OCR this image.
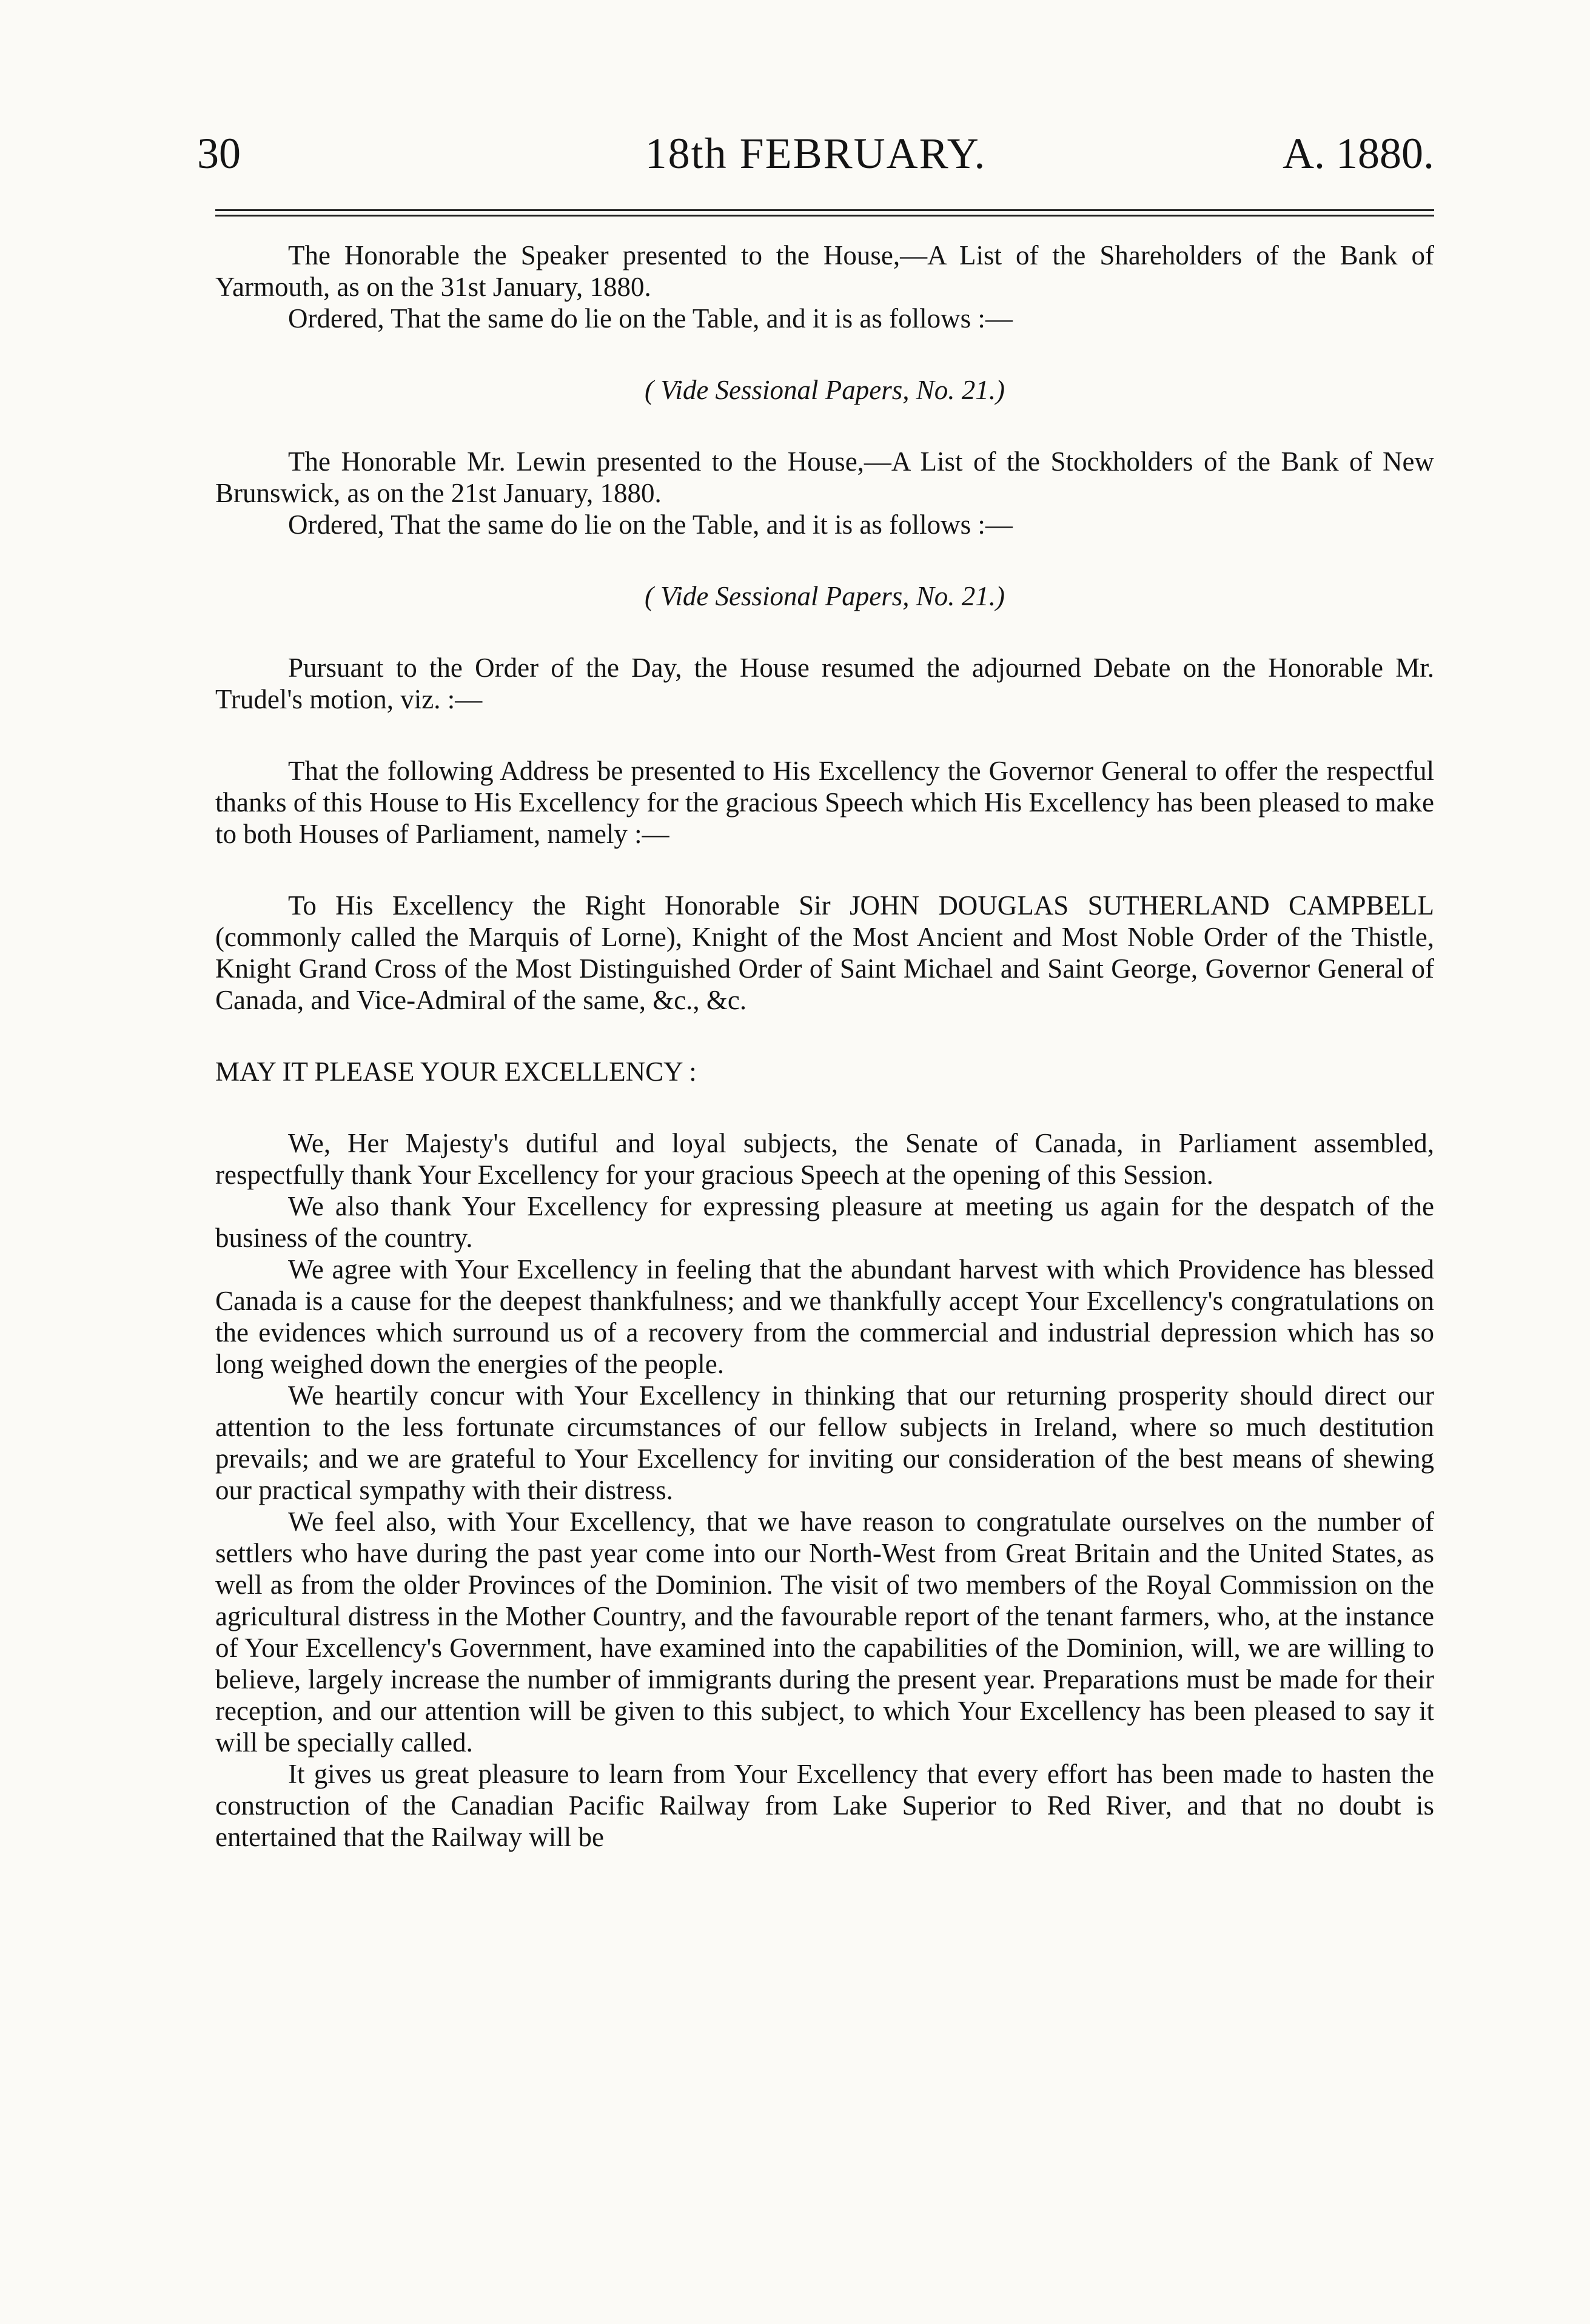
30	18th FEBRUARY.	A. 1880.

The Honorable the Speaker presented to the House,—A List of the Shareholders of the Bank of Yarmouth, as on the 31st January, 1880.

Ordered, That the same do lie on the Table, and it is as follows :—

( Vide Sessional Papers, No. 21.)

The Honorable Mr. Lewin presented to the House,—A List of the Stockholders of the Bank of New Brunswick, as on the 21st January, 1880.

Ordered, That the same do lie on the Table, and it is as follows :—

( Vide Sessional Papers, No. 21.)

Pursuant to the Order of the Day, the House resumed the adjourned Debate on the Honorable Mr. Trudel's motion, viz. :—

That the following Address be presented to His Excellency the Governor General to offer the respectful thanks of this House to His Excellency for the gracious Speech which His Excellency has been pleased to make to both Houses of Parliament, namely :—

To His Excellency the Right Honorable Sir JOHN DOUGLAS SUTHERLAND CAMPBELL (commonly called the Marquis of Lorne), Knight of the Most Ancient and Most Noble Order of the Thistle, Knight Grand Cross of the Most Distinguished Order of Saint Michael and Saint George, Governor General of Canada, and Vice-Admiral of the same, &c., &c.

MAY IT PLEASE YOUR EXCELLENCY :

We, Her Majesty's dutiful and loyal subjects, the Senate of Canada, in Parliament assembled, respectfully thank Your Excellency for your gracious Speech at the opening of this Session.

We also thank Your Excellency for expressing pleasure at meeting us again for the despatch of the business of the country.

We agree with Your Excellency in feeling that the abundant harvest with which Providence has blessed Canada is a cause for the deepest thankfulness; and we thankfully accept Your Excellency's congratulations on the evidences which surround us of a recovery from the commercial and industrial depression which has so long weighed down the energies of the people.

We heartily concur with Your Excellency in thinking that our returning prosperity should direct our attention to the less fortunate circumstances of our fellow subjects in Ireland, where so much destitution prevails; and we are grateful to Your Excellency for inviting our consideration of the best means of shewing our practical sympathy with their distress.

We feel also, with Your Excellency, that we have reason to congratulate ourselves on the number of settlers who have during the past year come into our North-West from Great Britain and the United States, as well as from the older Provinces of the Dominion. The visit of two members of the Royal Commission on the agricultural distress in the Mother Country, and the favourable report of the tenant farmers, who, at the instance of Your Excellency's Government, have examined into the capabilities of the Dominion, will, we are willing to believe, largely increase the number of immigrants during the present year. Preparations must be made for their reception, and our attention will be given to this subject, to which Your Excellency has been pleased to say it will be specially called.

It gives us great pleasure to learn from Your Excellency that every effort has been made to hasten the construction of the Canadian Pacific Railway from Lake Superior to Red River, and that no doubt is entertained that the Railway will be
